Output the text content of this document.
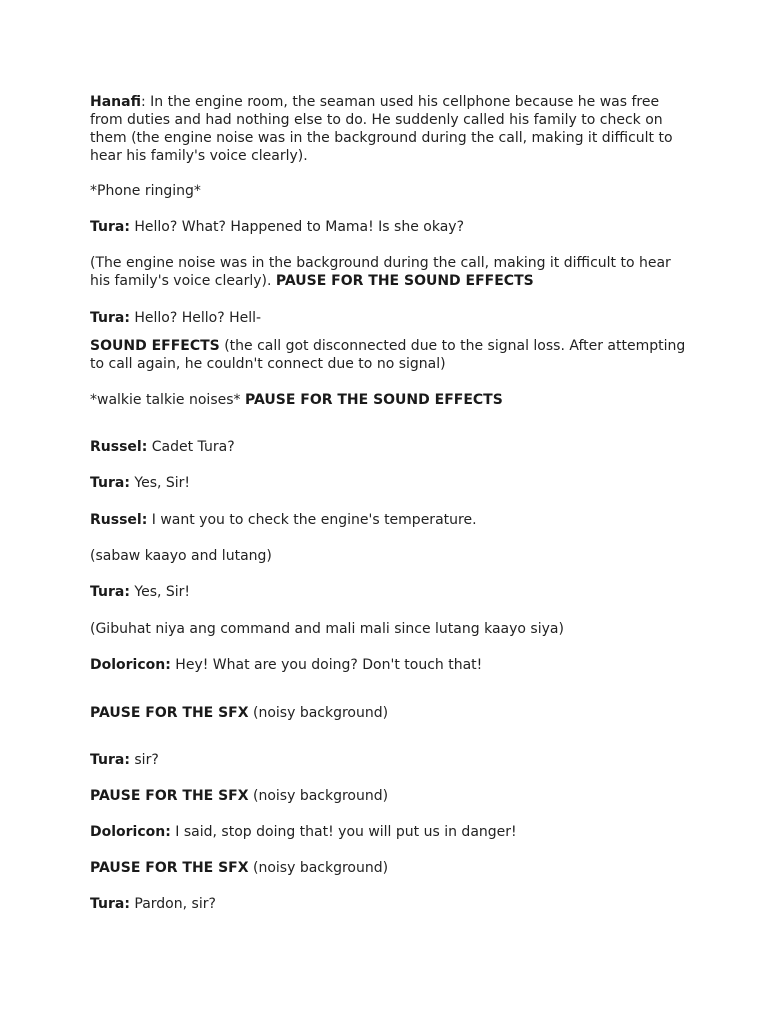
Hanafi: In the engine room, the seaman used his cellphone because he was free from duties and had nothing else to do. He suddenly called his family to check on them (the engine noise was in the background during the call, making it difficult to hear his family's voice clearly).

*Phone ringing*

Tura: Hello? What? Happened to Mama! Is she okay?

(The engine noise was in the background during the call, making it difficult to hear his family's voice clearly). PAUSE FOR THE SOUND EFFECTS

Tura: Hello? Hello? Hell-

SOUND EFFECTS (the call got disconnected due to the signal loss. After attempting to call again, he couldn't connect due to no signal)

*walkie talkie noises* PAUSE FOR THE SOUND EFFECTS

Russel: Cadet Tura?

Tura: Yes, Sir!

Russel: I want you to check the engine's temperature.

(sabaw kaayo and lutang)

Tura: Yes, Sir!

(Gibuhat niya ang command and mali mali since lutang kaayo siya)

Doloricon: Hey! What are you doing? Don't touch that!

PAUSE FOR THE SFX (noisy background)

Tura: sir?

PAUSE FOR THE SFX (noisy background)

Doloricon: I said, stop doing that! you will put us in danger!

PAUSE FOR THE SFX (noisy background)

Tura: Pardon, sir?
